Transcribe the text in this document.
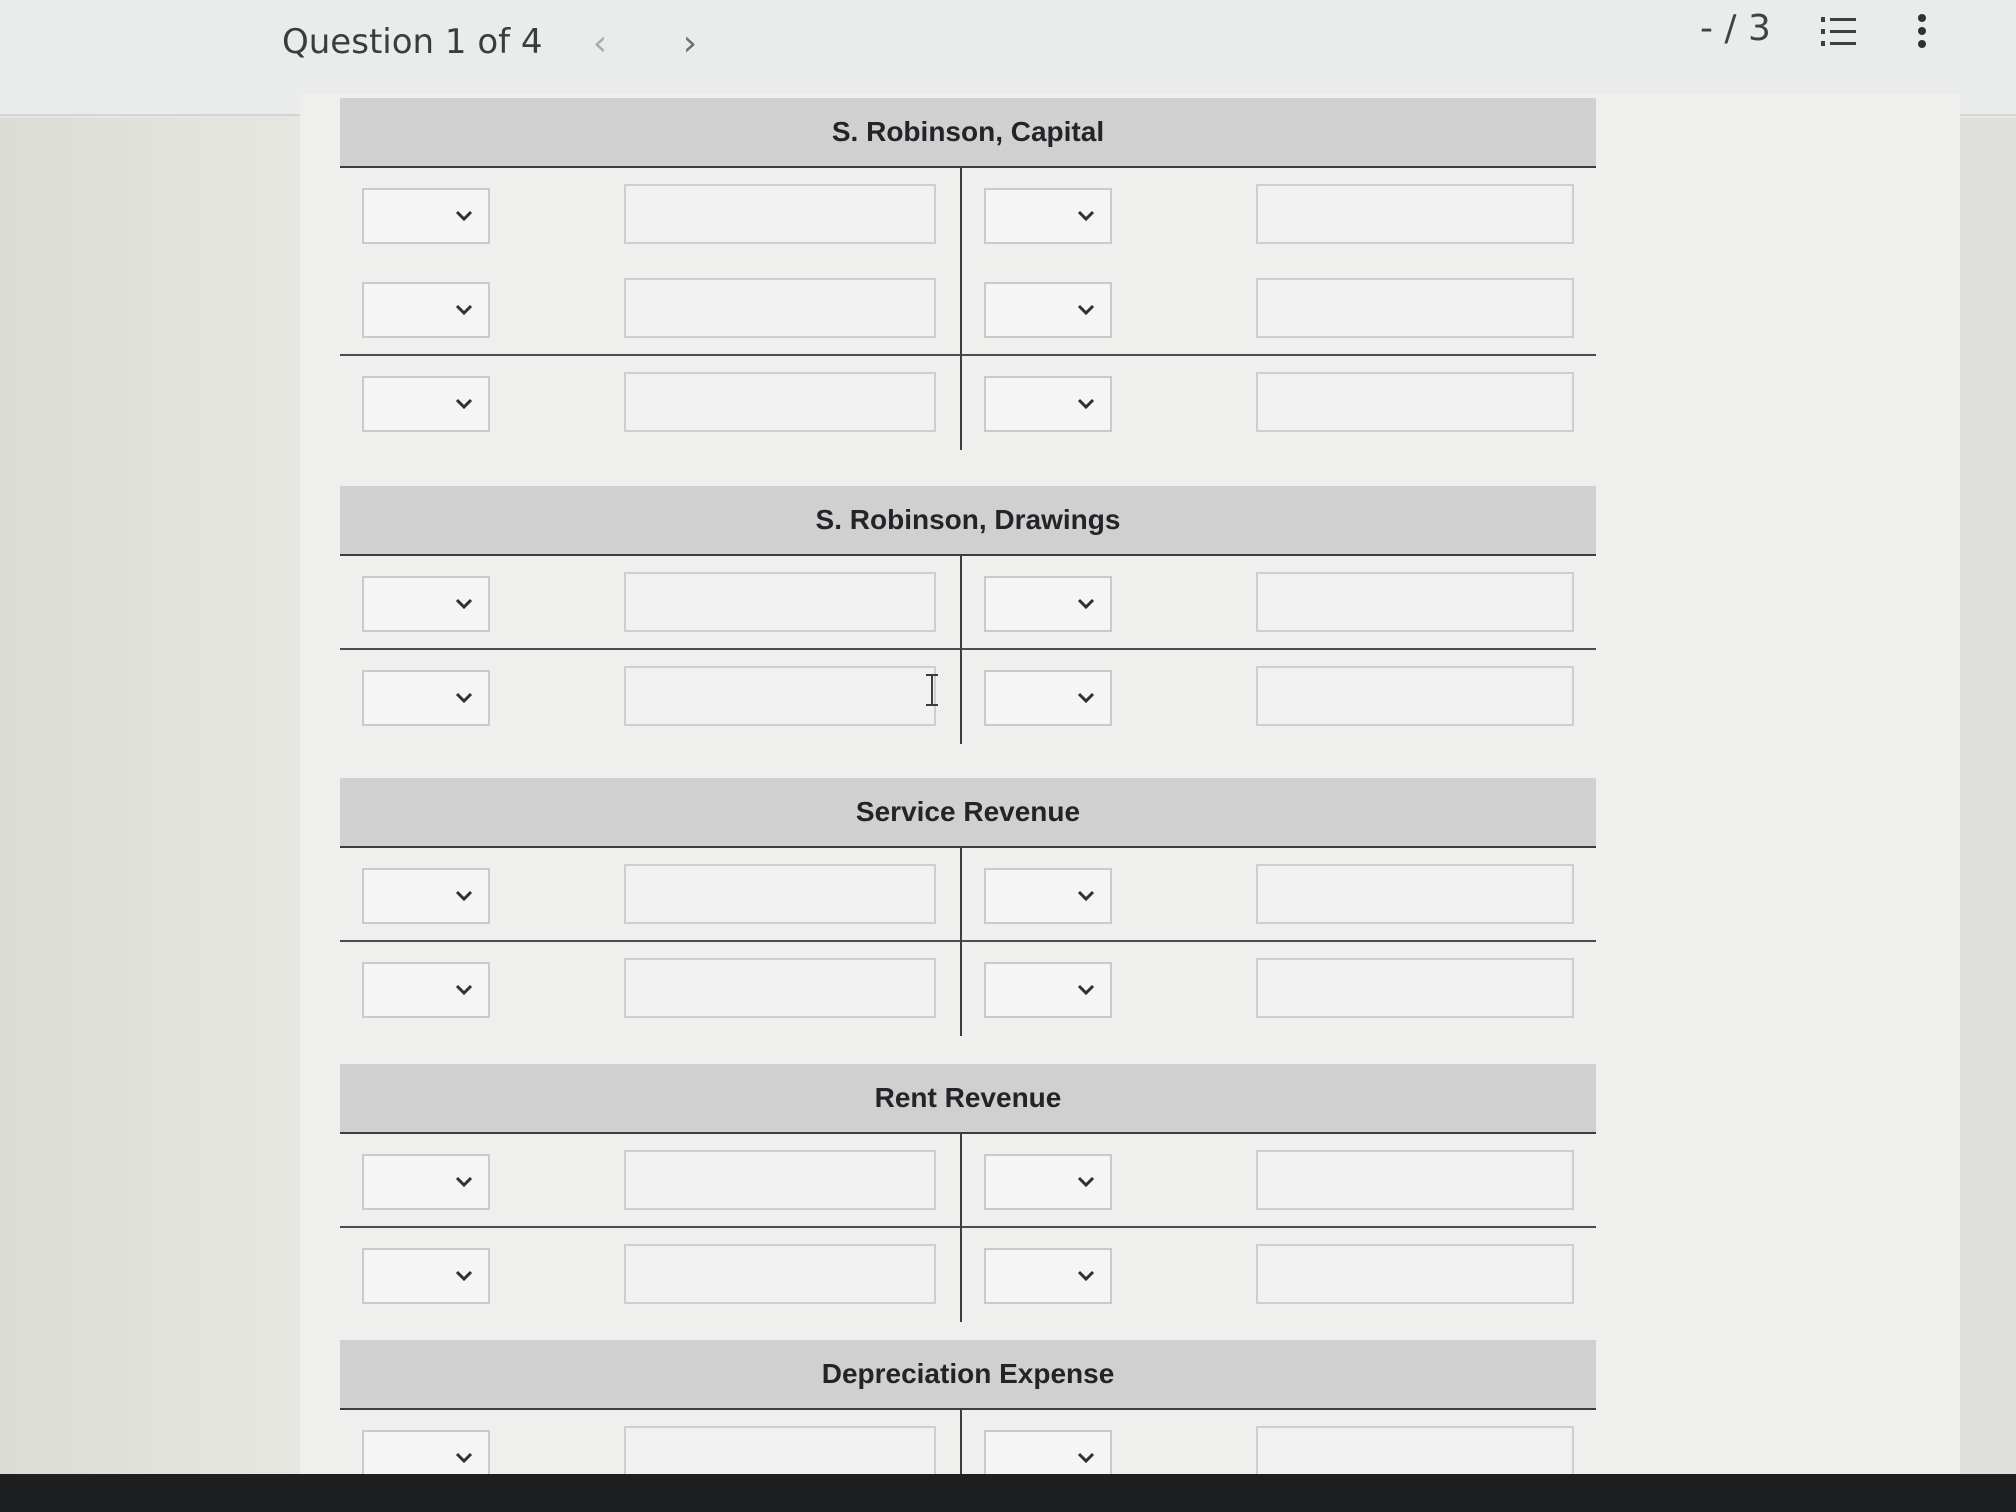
Question 1 of 4 ‹ ›	- / 3
S. Robinson, Capital
S. Robinson, Drawings
Service Revenue
Rent Revenue
Depreciation Expense
